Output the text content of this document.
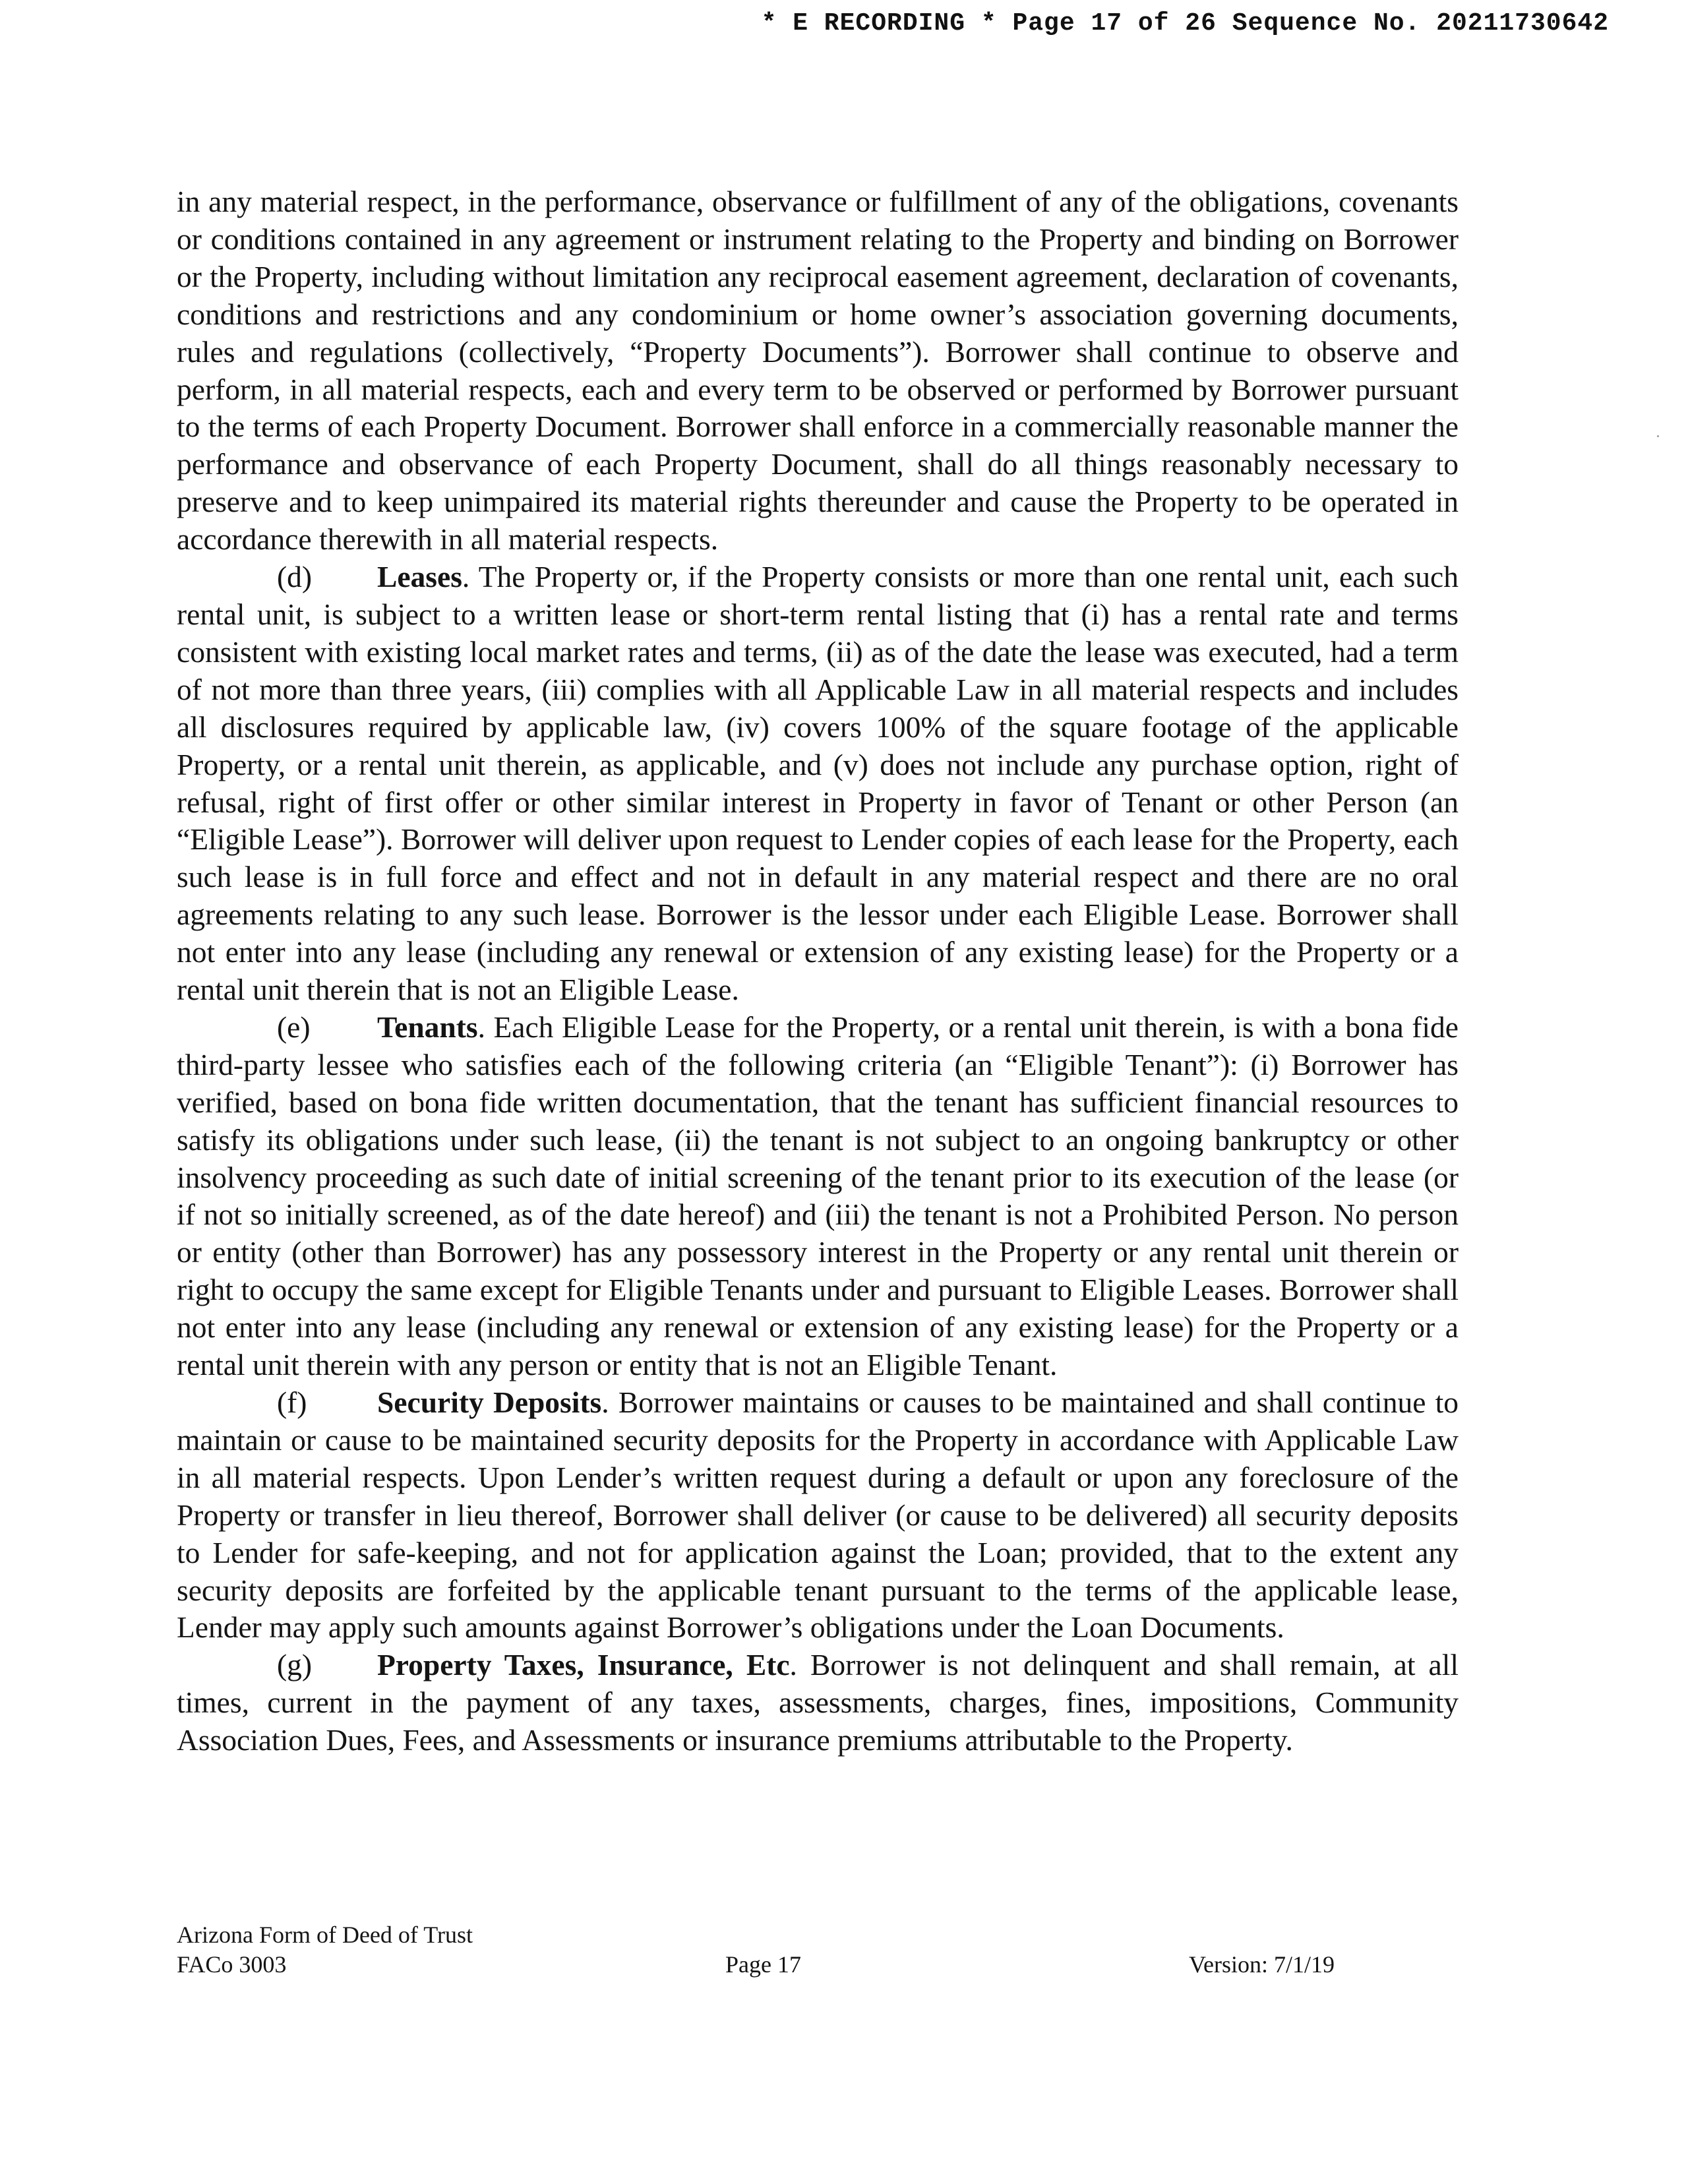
* E RECORDING * Page 17 of 26 Sequence No. 20211730642

in any material respect, in the performance, observance or fulfillment of any of the obligations, covenants or conditions contained in any agreement or instrument relating to the Property and binding on Borrower or the Property, including without limitation any reciprocal easement agreement, declaration of covenants, conditions and restrictions and any condominium or home owner’s association governing documents, rules and regulations (collectively, “Property Documents”). Borrower shall continue to observe and perform, in all material respects, each and every term to be observed or performed by Borrower pursuant to the terms of each Property Document. Borrower shall enforce in a commercially reasonable manner the performance and observance of each Property Document, shall do all things reasonably necessary to preserve and to keep unimpaired its material rights thereunder and cause the Property to be operated in accordance therewith in all material respects.

(d) Leases. The Property or, if the Property consists or more than one rental unit, each such rental unit, is subject to a written lease or short-term rental listing that (i) has a rental rate and terms consistent with existing local market rates and terms, (ii) as of the date the lease was executed, had a term of not more than three years, (iii) complies with all Applicable Law in all material respects and includes all disclosures required by applicable law, (iv) covers 100% of the square footage of the applicable Property, or a rental unit therein, as applicable, and (v) does not include any purchase option, right of refusal, right of first offer or other similar interest in Property in favor of Tenant or other Person (an “Eligible Lease”). Borrower will deliver upon request to Lender copies of each lease for the Property, each such lease is in full force and effect and not in default in any material respect and there are no oral agreements relating to any such lease. Borrower is the lessor under each Eligible Lease. Borrower shall not enter into any lease (including any renewal or extension of any existing lease) for the Property or a rental unit therein that is not an Eligible Lease.

(e) Tenants. Each Eligible Lease for the Property, or a rental unit therein, is with a bona fide third-party lessee who satisfies each of the following criteria (an “Eligible Tenant”): (i) Borrower has verified, based on bona fide written documentation, that the tenant has sufficient financial resources to satisfy its obligations under such lease, (ii) the tenant is not subject to an ongoing bankruptcy or other insolvency proceeding as such date of initial screening of the tenant prior to its execution of the lease (or if not so initially screened, as of the date hereof) and (iii) the tenant is not a Prohibited Person. No person or entity (other than Borrower) has any possessory interest in the Property or any rental unit therein or right to occupy the same except for Eligible Tenants under and pursuant to Eligible Leases. Borrower shall not enter into any lease (including any renewal or extension of any existing lease) for the Property or a rental unit therein with any person or entity that is not an Eligible Tenant.

(f) Security Deposits. Borrower maintains or causes to be maintained and shall continue to maintain or cause to be maintained security deposits for the Property in accordance with Applicable Law in all material respects. Upon Lender’s written request during a default or upon any foreclosure of the Property or transfer in lieu thereof, Borrower shall deliver (or cause to be delivered) all security deposits to Lender for safe-keeping, and not for application against the Loan; provided, that to the extent any security deposits are forfeited by the applicable tenant pursuant to the terms of the applicable lease, Lender may apply such amounts against Borrower’s obligations under the Loan Documents.

(g) Property Taxes, Insurance, Etc. Borrower is not delinquent and shall remain, at all times, current in the payment of any taxes, assessments, charges, fines, impositions, Community Association Dues, Fees, and Assessments or insurance premiums attributable to the Property.

Arizona Form of Deed of Trust
FACo 3003	Page 17	Version: 7/1/19
